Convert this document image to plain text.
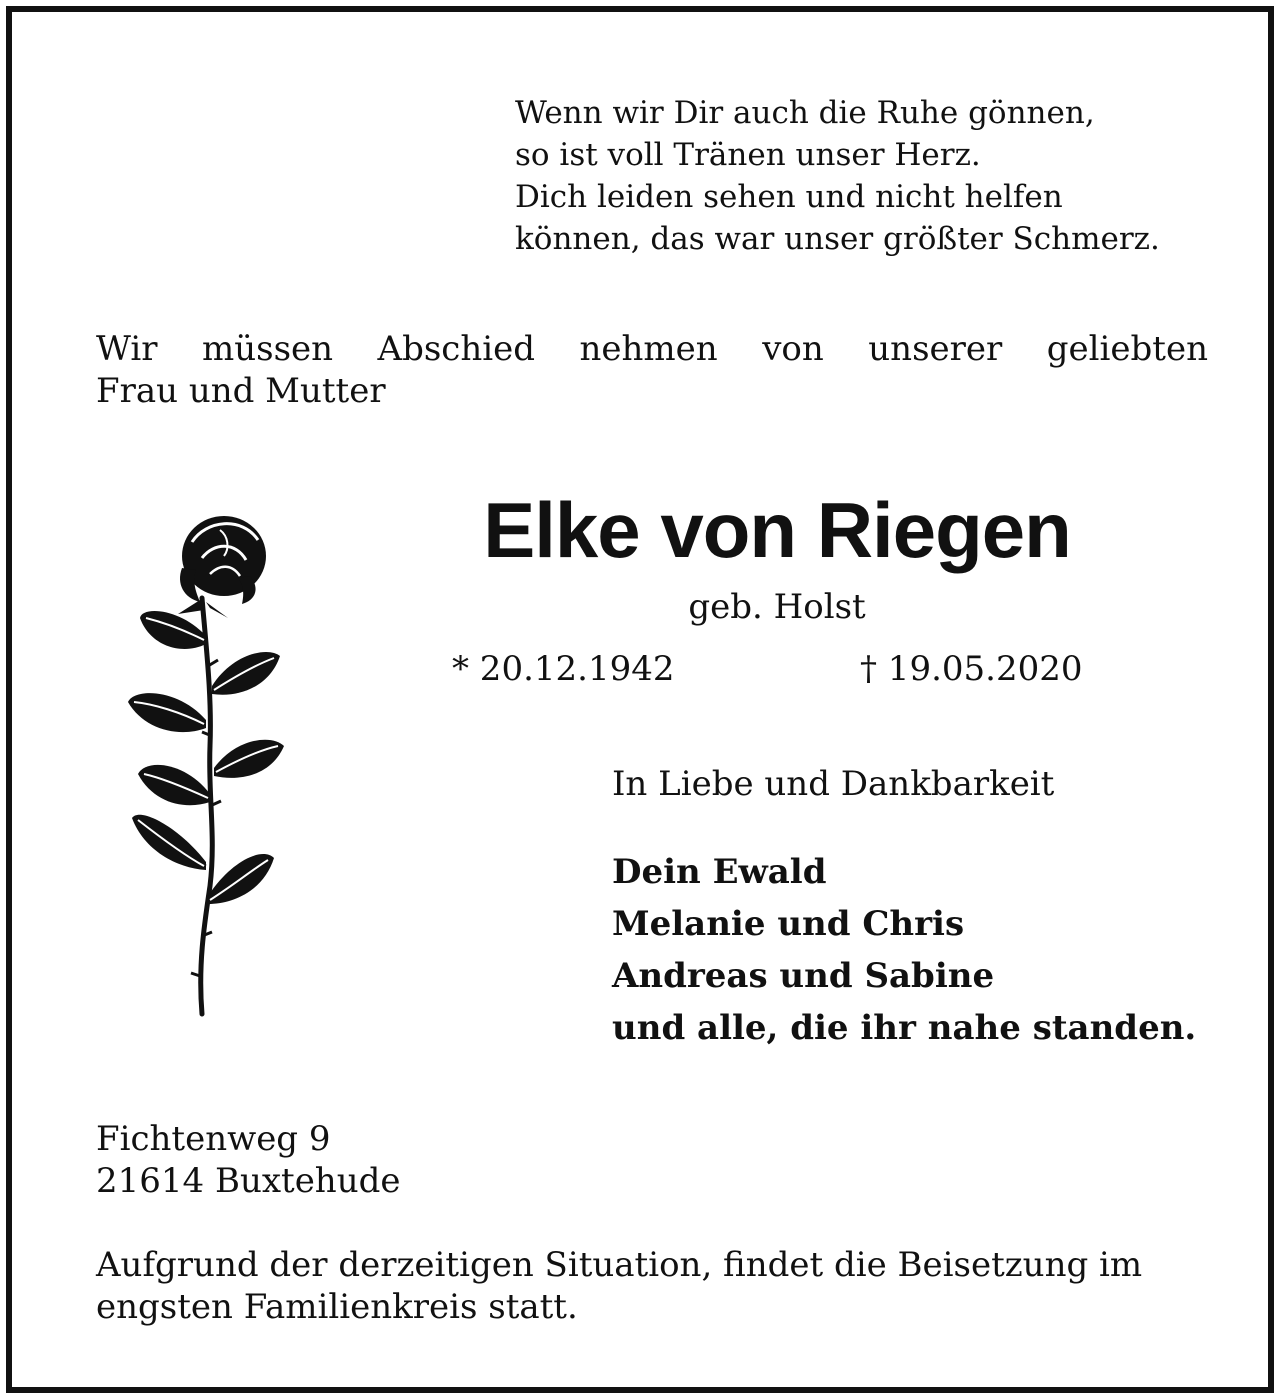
Wenn wir Dir auch die Ruhe gönnen,
so ist voll Tränen unser Herz.
Dich leiden sehen und nicht helfen
können, das war unser größter Schmerz.
Wir müssen Abschied nehmen von unserer geliebten
Frau und Mutter
Elke von Riegen
geb. Holst
* 20.12.1942	† 19.05.2020
In Liebe und Dankbarkeit
Dein Ewald
Melanie und Chris
Andreas und Sabine
und alle, die ihr nahe standen.
Fichtenweg 9
21614 Buxtehude
Aufgrund der derzeitigen Situation, findet die Beisetzung im
engsten Familienkreis statt.
